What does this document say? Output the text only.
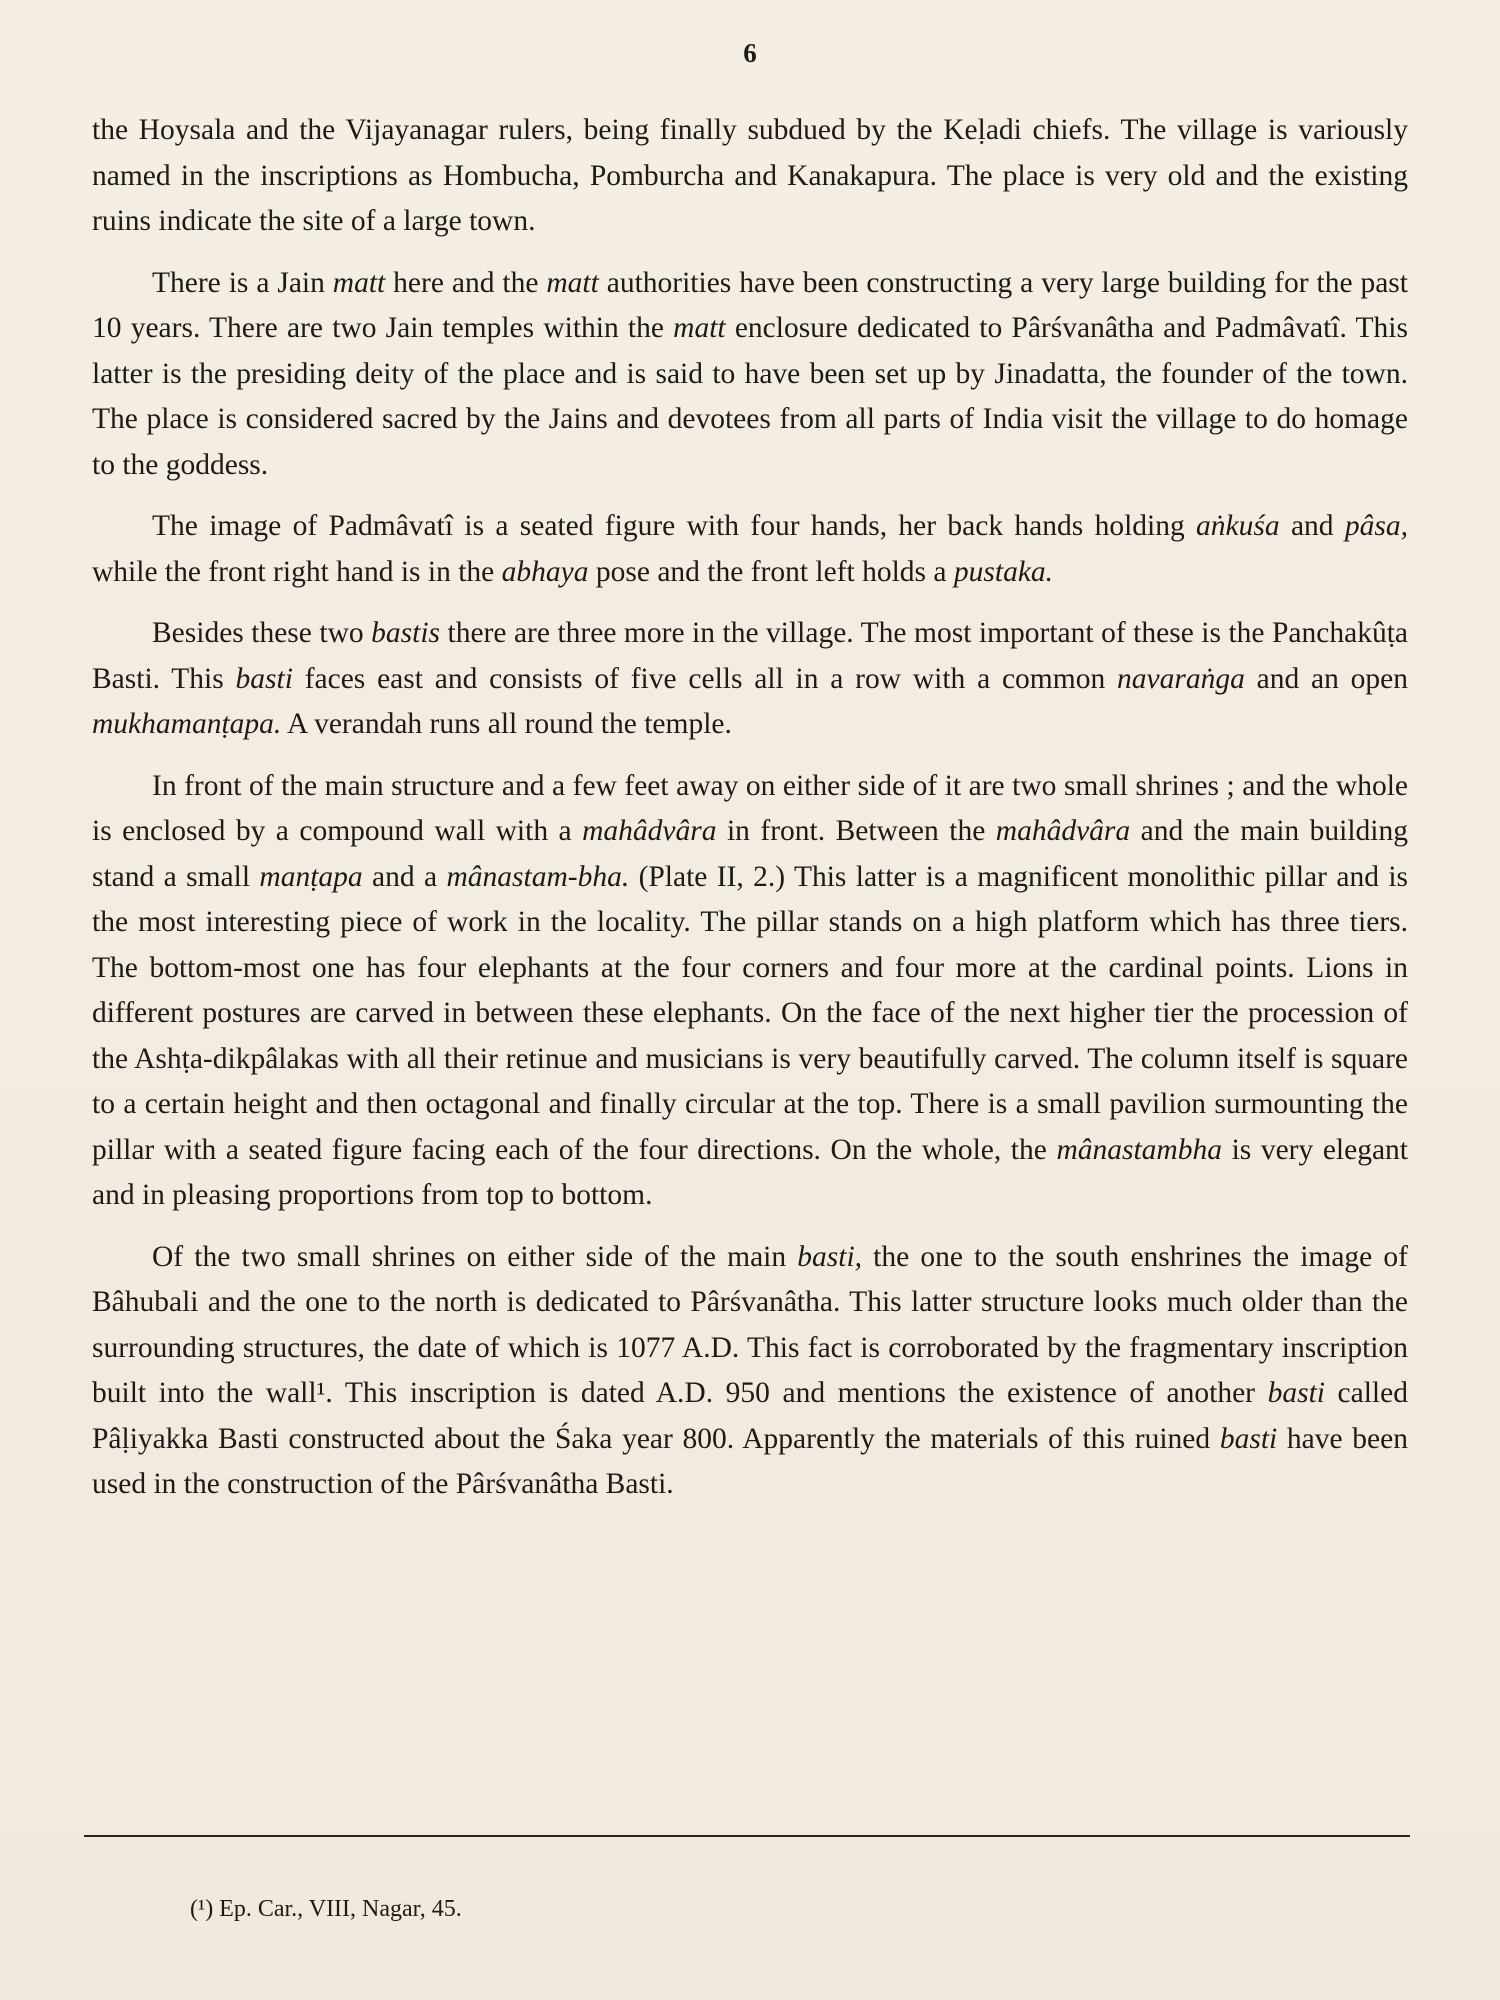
6

the Hoysala and the Vijayanagar rulers, being finally subdued by the Keḷadi chiefs. The village is variously named in the inscriptions as Hombucha, Pomburcha and Kanakapura. The place is very old and the existing ruins indicate the site of a large town.

There is a Jain matt here and the matt authorities have been constructing a very large building for the past 10 years. There are two Jain temples within the matt enclosure dedicated to Pârśvanâtha and Padmâvatî. This latter is the presiding deity of the place and is said to have been set up by Jinadatta, the founder of the town. The place is considered sacred by the Jains and devotees from all parts of India visit the village to do homage to the goddess.

The image of Padmâvatî is a seated figure with four hands, her back hands holding aṅkuśa and pâsa, while the front right hand is in the abhaya pose and the front left holds a pustaka.

Besides these two bastis there are three more in the village. The most important of these is the Panchakûṭa Basti. This basti faces east and consists of five cells all in a row with a common navaraṅga and an open mukhamanṭapa. A verandah runs all round the temple.

In front of the main structure and a few feet away on either side of it are two small shrines ; and the whole is enclosed by a compound wall with a mahâdvâra in front. Between the mahâdvâra and the main building stand a small manṭapa and a mânastam-bha. (Plate II, 2.) This latter is a magnificent monolithic pillar and is the most interesting piece of work in the locality. The pillar stands on a high platform which has three tiers. The bottom-most one has four elephants at the four corners and four more at the cardinal points. Lions in different postures are carved in between these elephants. On the face of the next higher tier the procession of the Ashṭa-dikpâlakas with all their retinue and musicians is very beautifully carved. The column itself is square to a certain height and then octagonal and finally circular at the top. There is a small pavilion surmounting the pillar with a seated figure facing each of the four directions. On the whole, the mânastambha is very elegant and in pleasing proportions from top to bottom.

Of the two small shrines on either side of the main basti, the one to the south enshrines the image of Bâhubali and the one to the north is dedicated to Pârśvanâtha. This latter structure looks much older than the surrounding structures, the date of which is 1077 A.D. This fact is corroborated by the fragmentary inscription built into the wall¹. This inscription is dated A.D. 950 and mentions the existence of another basti called Pâḷiyakka Basti constructed about the Śaka year 800. Apparently the materials of this ruined basti have been used in the construction of the Pârśvanâtha Basti.

(¹) Ep. Car., VIII, Nagar, 45.
